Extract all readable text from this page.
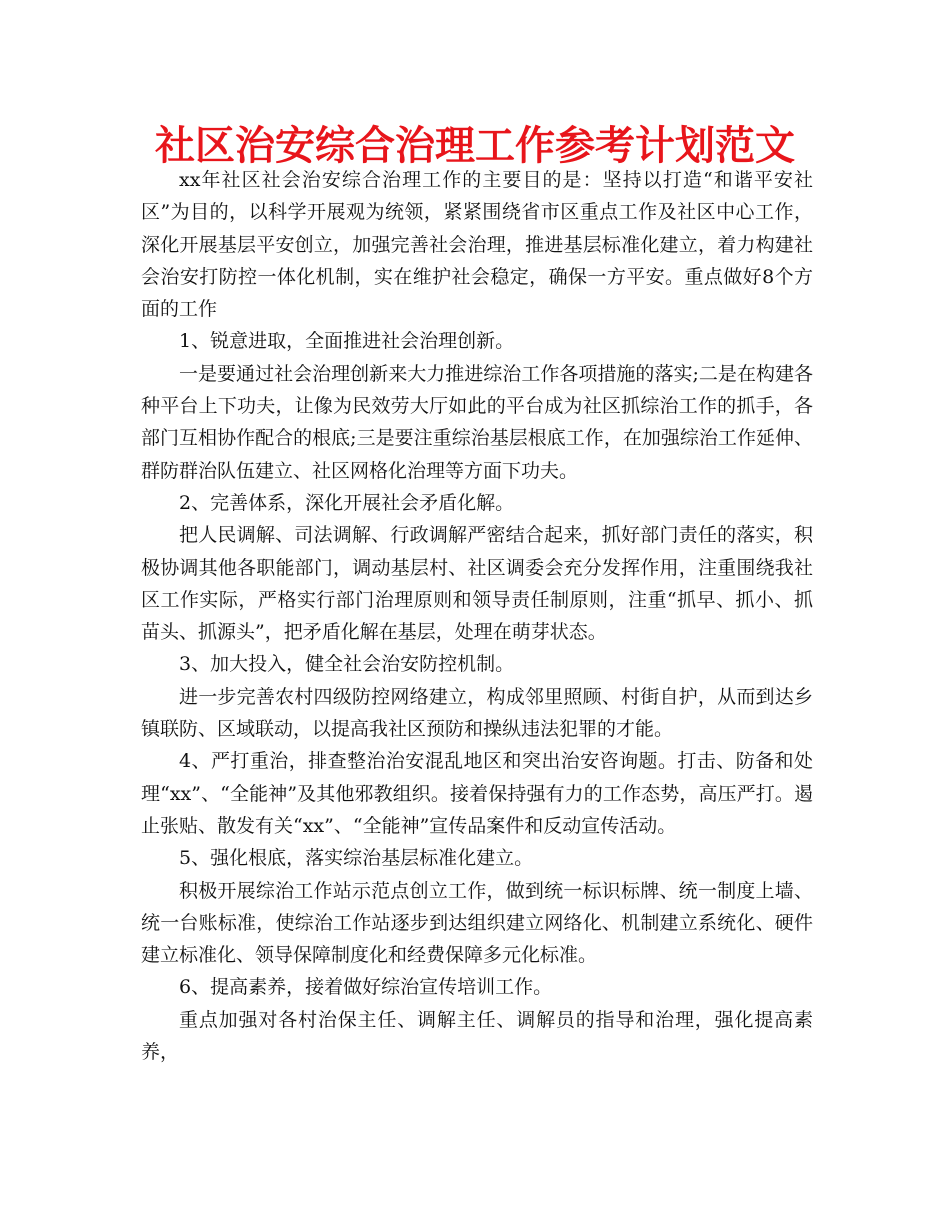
社区治安综合治理工作参考计划范文

xx年社区社会治安综合治理工作的主要目的是：坚持以打造“和谐平安社区”为目的，以科学开展观为统领，紧紧围绕省市区重点工作及社区中心工作，深化开展基层平安创立，加强完善社会治理，推进基层标准化建立，着力构建社会治安打防控一体化机制，实在维护社会稳定，确保一方平安。重点做好8个方面的工作

1、锐意进取，全面推进社会治理创新。

一是要通过社会治理创新来大力推进综治工作各项措施的落实;二是在构建各种平台上下功夫，让像为民效劳大厅如此的平台成为社区抓综治工作的抓手，各部门互相协作配合的根底;三是要注重综治基层根底工作，在加强综治工作延伸、群防群治队伍建立、社区网格化治理等方面下功夫。

2、完善体系，深化开展社会矛盾化解。

把人民调解、司法调解、行政调解严密结合起来，抓好部门责任的落实，积极协调其他各职能部门，调动基层村、社区调委会充分发挥作用，注重围绕我社区工作实际，严格实行部门治理原则和领导责任制原则，注重“抓早、抓小、抓苗头、抓源头”，把矛盾化解在基层，处理在萌芽状态。

3、加大投入，健全社会治安防控机制。

进一步完善农村四级防控网络建立，构成邻里照顾、村街自护，从而到达乡镇联防、区域联动，以提高我社区预防和操纵违法犯罪的才能。

4、严打重治，排查整治治安混乱地区和突出治安咨询题。打击、防备和处理“xx”、“全能神”及其他邪教组织。接着保持强有力的工作态势，高压严打。遏止张贴、散发有关“xx”、“全能神”宣传品案件和反动宣传活动。

5、强化根底，落实综治基层标准化建立。

积极开展综治工作站示范点创立工作，做到统一标识标牌、统一制度上墙、统一台账标准，使综治工作站逐步到达组织建立网络化、机制建立系统化、硬件建立标准化、领导保障制度化和经费保障多元化标准。

6、提高素养，接着做好综治宣传培训工作。

重点加强对各村治保主任、调解主任、调解员的指导和治理，强化提高素养，
